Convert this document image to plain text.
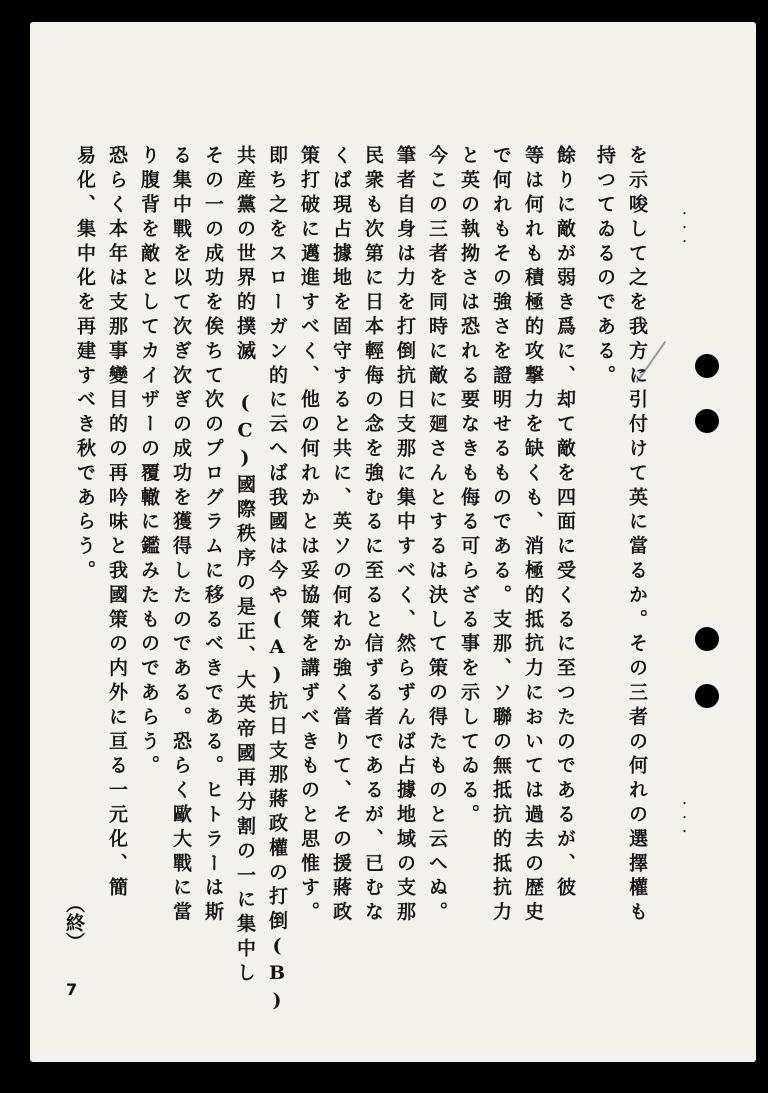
・・・
・・・
を示唆して之を我方に引付けて英に當るか。その三者の何れの選擇權も
持つてゐるのである。
餘りに敵が弱き爲に、却て敵を四面に受くるに至つたのであるが、彼
等は何れも積極的攻撃力を缺くも、消極的抵抗力においては過去の歴史
で何れもその強さを證明せるものである。支那、ソ聯の無抵抗的抵抗力
と英の執拗さは恐れる要なきも侮る可らざる事を示してゐる。
今この三者を同時に敵に廻さんとするは決して策の得たものと云へぬ。
筆者自身は力を打倒抗日支那に集中すべく、然らずんば占據地域の支那
民衆も次第に日本輕侮の念を強むるに至ると信ずる者であるが、已むな
くば現占據地を固守すると共に、英ソの何れか強く當りて、その援蔣政
策打破に邁進すべく、他の何れかとは妥協策を講ずべきものと思惟す。
即ち之をスローガン的に云へば我國は今や(A)抗日支那蔣政權の打倒(B)
共産黨の世界的撲滅 (C)國際秩序の是正、大英帝國再分割の一に集中し
その一の成功を俟ちて次のプログラムに移るべきである。ヒトラーは斯
る集中戰を以て次ぎ次ぎの成功を獲得したのである。恐らく歐大戰に當
り腹背を敵としてカイザーの覆轍に鑑みたものであらう。
恐らく本年は支那事變目的の再吟味と我國策の内外に亘る一元化、簡
易化、集中化を再建すべき秋であらう。
（終）
7
